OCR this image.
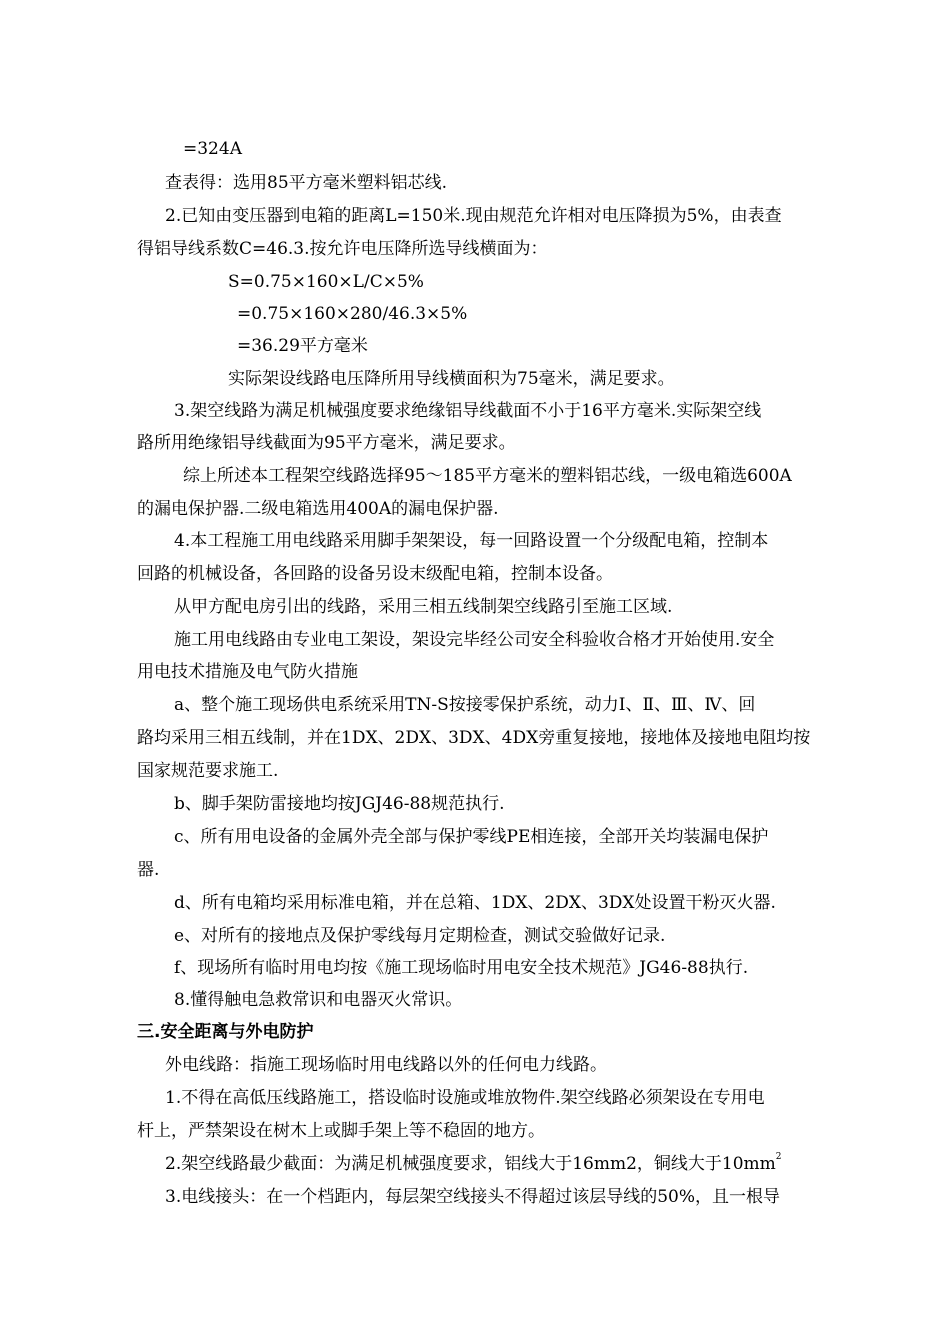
=324A

查表得：选用85平方毫米塑料铝芯线.

2.已知由变压器到电箱的距离L=150米.现由规范允许相对电压降损为5%，由表查

得铝导线系数C=46.3.按允许电压降所选导线横面为：

S=0.75×160×L/C×5%

=0.75×160×280/46.3×5%

=36.29平方毫米

实际架设线路电压降所用导线横面积为75毫米，满足要求。

3.架空线路为满足机械强度要求绝缘铝导线截面不小于16平方毫米.实际架空线

路所用绝缘铝导线截面为95平方毫米，满足要求。

综上所述本工程架空线路选择95～185平方毫米的塑料铝芯线，一级电箱选600A

的漏电保护器.二级电箱选用400A的漏电保护器.

4.本工程施工用电线路采用脚手架架设，每一回路设置一个分级配电箱，控制本

回路的机械设备，各回路的设备另设末级配电箱，控制本设备。

从甲方配电房引出的线路，采用三相五线制架空线路引至施工区域.

施工用电线路由专业电工架设，架设完毕经公司安全科验收合格才开始使用.安全

用电技术措施及电气防火措施

a、整个施工现场供电系统采用TN-S按接零保护系统，动力Ⅰ、Ⅱ、Ⅲ、Ⅳ、回

路均采用三相五线制，并在1DX、2DX、3DX、4DX旁重复接地，接地体及接地电阻均按

国家规范要求施工.

b、脚手架防雷接地均按JGJ46-88规范执行.

c、所有用电设备的金属外壳全部与保护零线PE相连接，全部开关均装漏电保护

器.

d、所有电箱均采用标准电箱，并在总箱、1DX、2DX、3DX处设置干粉灭火器.

e、对所有的接地点及保护零线每月定期检查，测试交验做好记录.

f、现场所有临时用电均按《施工现场临时用电安全技术规范》JG46-88执行.

8.懂得触电急救常识和电器灭火常识。

三.安全距离与外电防护

外电线路：指施工现场临时用电线路以外的任何电力线路。

1.不得在高低压线路施工，搭设临时设施或堆放物件.架空线路必须架设在专用电

杆上，严禁架设在树木上或脚手架上等不稳固的地方。

2.架空线路最少截面：为满足机械强度要求，铝线大于16mm2，铜线大于$10mm^2$

3.电线接头：在一个档距内，每层架空线接头不得超过该层导线的50%，且一根导
